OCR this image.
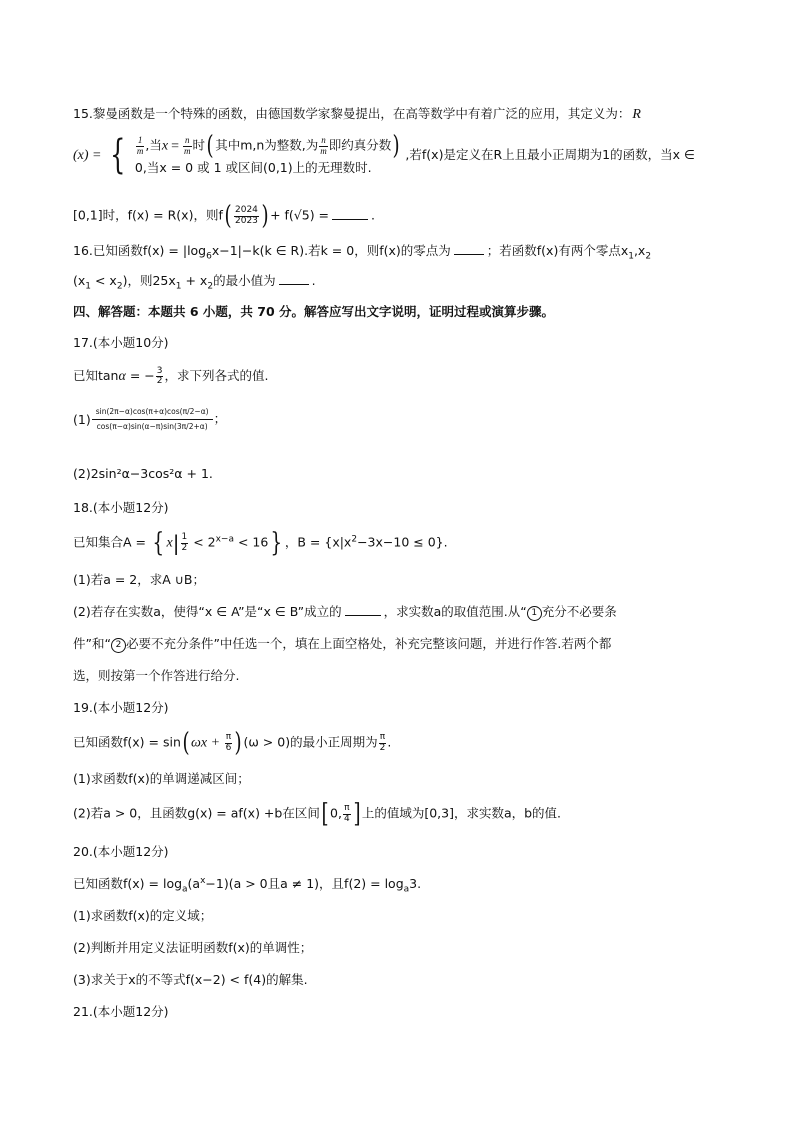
15.黎曼函数是一个特殊的函数，由德国数学家黎曼提出，在高等数学中有着广泛的应用，其定义为： R
(x) = { $\frac{1}{m}$ ,当$x = \frac{n}{m}$ 时( 其中m,n为整数,为 $\frac{n}{m}$ 即约真分数)
0,当x = 0 或 1 或区间(0,1)上的无理数时.
,若f(x)是定义在R上且最小正周期为1的函数，当x ∈
[0,1]时，f(x) = R(x)，则$f( \frac{2024}{2023}$ ) + f(√5) =	.
16.已知函数$f(x) = |\log_6x-1|-k(k$ ∈ R).若k = 0，则f(x)的零点为	；若函数f(x)有两个零点$x_1,x_2$
$(x_1 < x_2)$，则$25x_1 + x_2$的最小值为	.
四、解答题：本题共 6 小题，共 70 分。解答应写出文字说明，证明过程或演算步骤。
17.(本小题10分)
已知tanα = − $\frac{3}{2}$ ，求下列各式的值.
$(1) \frac{\sin(2\pi-\alpha)\cos(\pi+\alpha)\cos(\pi/2-\alpha)}{\cos(\pi-\alpha)\sin(\alpha-\pi)\sin(3\pi/2+\alpha)}$ ；
(2)2sin²α−3cos²α + 1.
18.(本小题12分)
已知集合A = { $x| \frac{1}{2} < 2^{x-a} < 16$} ，$B = \{x|x^2-3x-10 \le 0\}$.
(1)若a = 2，求A ∪B；
(2)若存在实数a，使得“x ∈ A”是“x ∈ B”成立的	，求实数a的取值范围.从“ 1 充分不必要条
件”和“ 2 必要不充分条件”中任选一个，填在上面空格处，补充完整该问题，并进行作答.若两个都
选，则按第一个作答进行给分.
19.(本小题12分)
已知函数f(x) = sin( $\omega x + \frac{\pi}{6}$ ) (ω > 0)的最小正周期为 $\frac{\pi}{2}$ .
(1)求函数f(x)的单调递减区间；
(2)若a > 0，且函数g(x) = af(x) +b在区间[ 0, $\frac{\pi}{4}$ ] 上的值域为[0,3]，求实数a，b的值.
20.(本小题12分)
已知函数$f(x) = \log_a(a^x-1)(a > 0$且a ≠ 1)，且$f(2) = \log_a3$.
(1)求函数f(x)的定义域；
(2)判断并用定义法证明函数f(x)的单调性；
(3)求关于x的不等式f(x−2) < f(4)的解集.
21.(本小题12分)
